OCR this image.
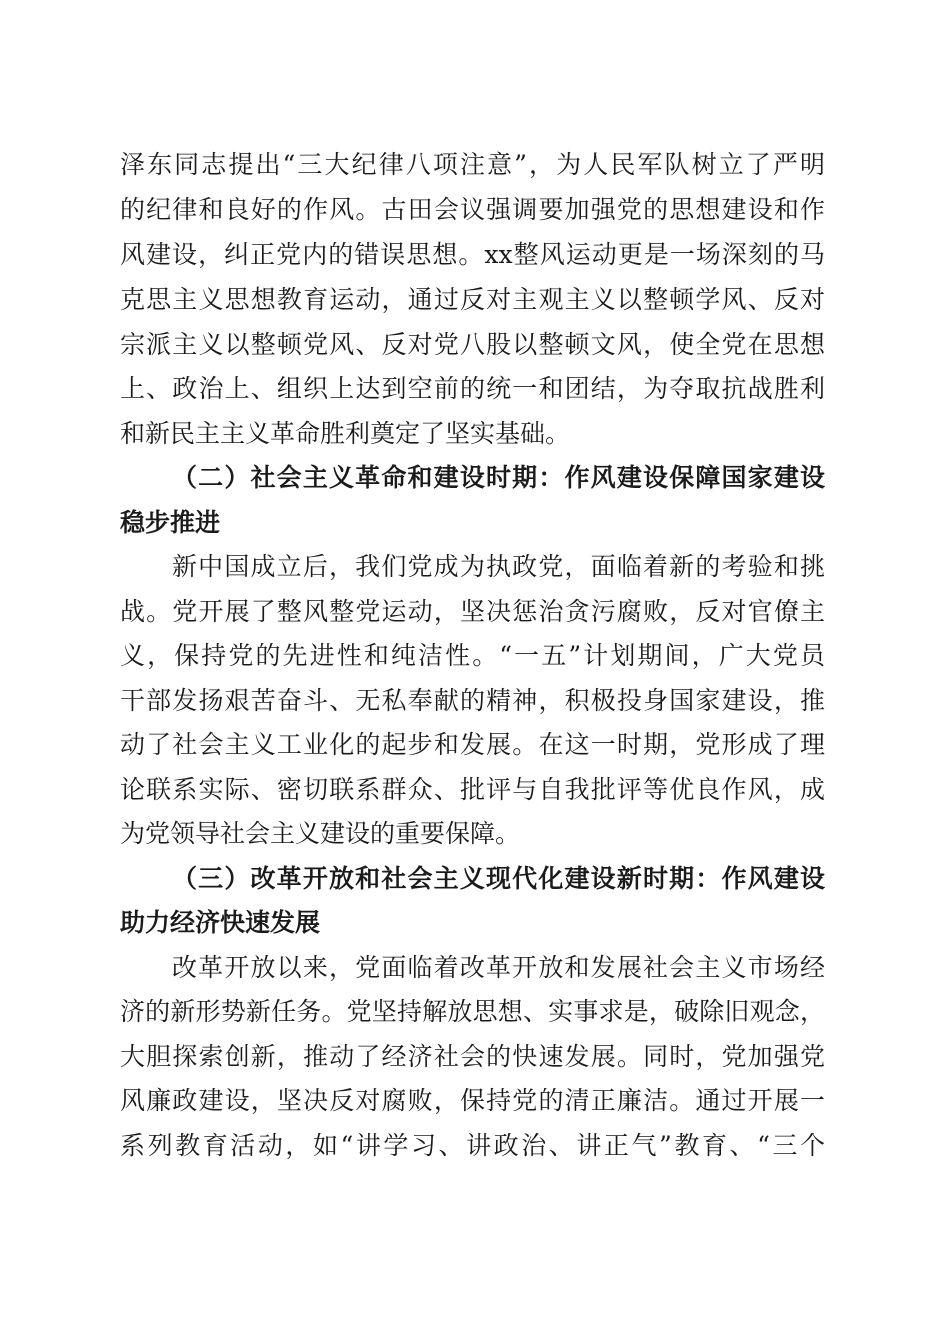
泽东同志提出“三大纪律八项注意”，为人民军队树立了严明

的纪律和良好的作风。古田会议强调要加强党的思想建设和作

风建设，纠正党内的错误思想。xx整风运动更是一场深刻的马

克思主义思想教育运动，通过反对主观主义以整顿学风、反对

宗派主义以整顿党风、反对党八股以整顿文风，使全党在思想

上、政治上、组织上达到空前的统一和团结，为夺取抗战胜利

和新民主主义革命胜利奠定了坚实基础。

（二）社会主义革命和建设时期：作风建设保障国家建设

稳步推进

新中国成立后，我们党成为执政党，面临着新的考验和挑

战。党开展了整风整党运动，坚决惩治贪污腐败，反对官僚主

义，保持党的先进性和纯洁性。“一五”计划期间，广大党员

干部发扬艰苦奋斗、无私奉献的精神，积极投身国家建设，推

动了社会主义工业化的起步和发展。在这一时期，党形成了理

论联系实际、密切联系群众、批评与自我批评等优良作风，成

为党领导社会主义建设的重要保障。

（三）改革开放和社会主义现代化建设新时期：作风建设

助力经济快速发展

改革开放以来，党面临着改革开放和发展社会主义市场经

济的新形势新任务。党坚持解放思想、实事求是，破除旧观念，

大胆探索创新，推动了经济社会的快速发展。同时，党加强党

风廉政建设，坚决反对腐败，保持党的清正廉洁。通过开展一

系列教育活动，如“讲学习、讲政治、讲正气”教育、“三个
